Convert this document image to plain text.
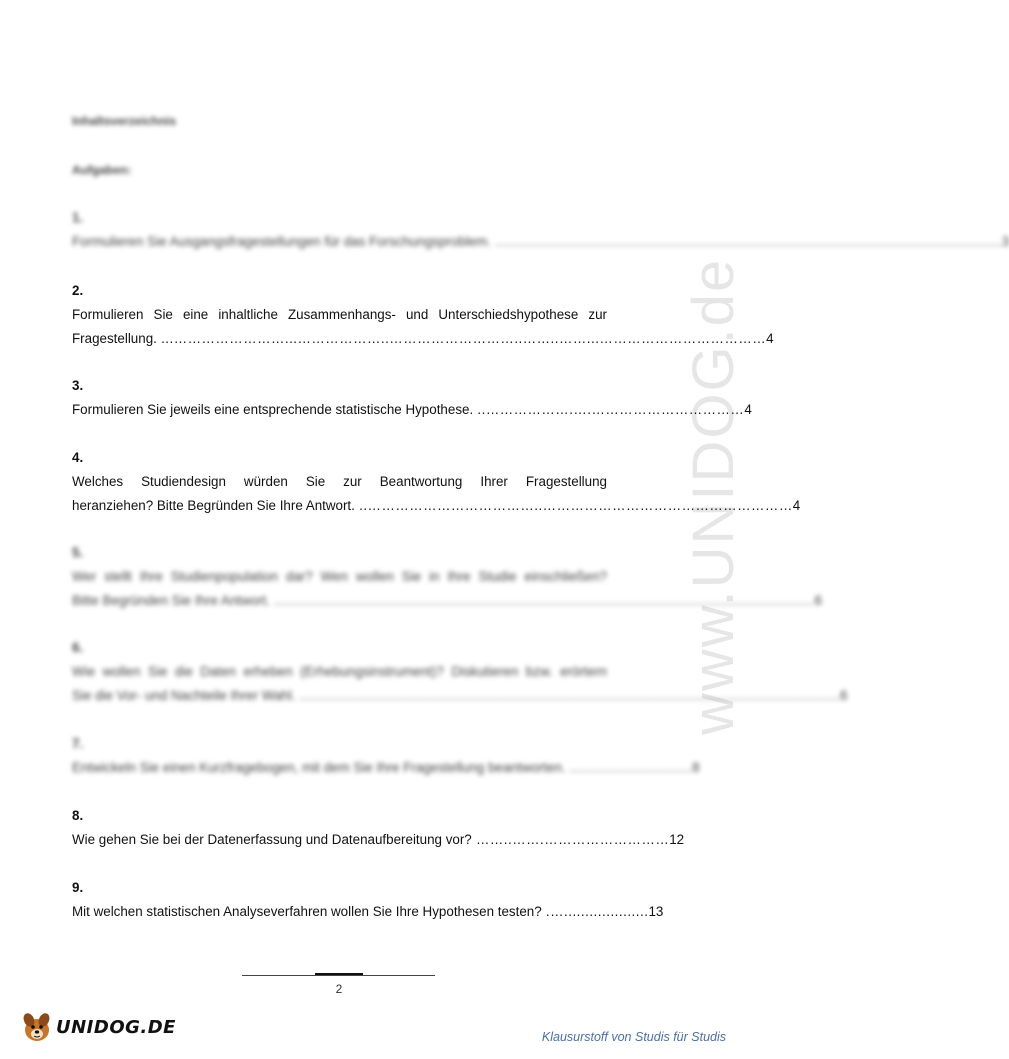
www.UNIDOG.de
Inhaltsverzeichnis
Aufgaben:
1.
Formulieren Sie Ausgangsfragestellungen für das Forschungsproblem. ........................................................................................................................ 3
2.
Formulieren Sie eine inhaltliche Zusammenhangs- und Unterschiedshypothese zur
Fragestellung. ...……………………...………………..………………………..……..……...……………………………… 4
3.
Formulieren Sie jeweils eine entsprechende statistische Hypothese. ..……………….….…………………………… 4
4.
Welches Studiendesign würden Sie zur Beantwortung Ihrer Fragestellung
heranziehen? Bitte Begründen Sie Ihre Antwort. ..………………………………..……………………………………………… 4
5.
Wer stellt Ihre Studienpopulation dar? Wen wollen Sie in Ihre Studie einschließen?
Bitte Begründen Sie Ihre Antwort. ................................................................................................................................ 6
6.
Wie wollen Sie die Daten erheben (Erhebungsinstrument)? Diskutieren bzw. erörtern
Sie die Vor- und Nachteile Ihrer Wahl. ................................................................................................................................ 6
7.
Entwickeln Sie einen Kurzfragebogen, mit dem Sie Ihre Fragestellung beantworten. ............................. 8
8.
Wie gehen Sie bei der Datenerfassung und Datenaufbereitung vor? ……..…….……………………… 12
9.
Mit welchen statistischen Analyseverfahren wollen Sie Ihre Hypothesen testen? .….................... 13
2
UNIDOG.DE	Klausurstoff von Studis für Studis
